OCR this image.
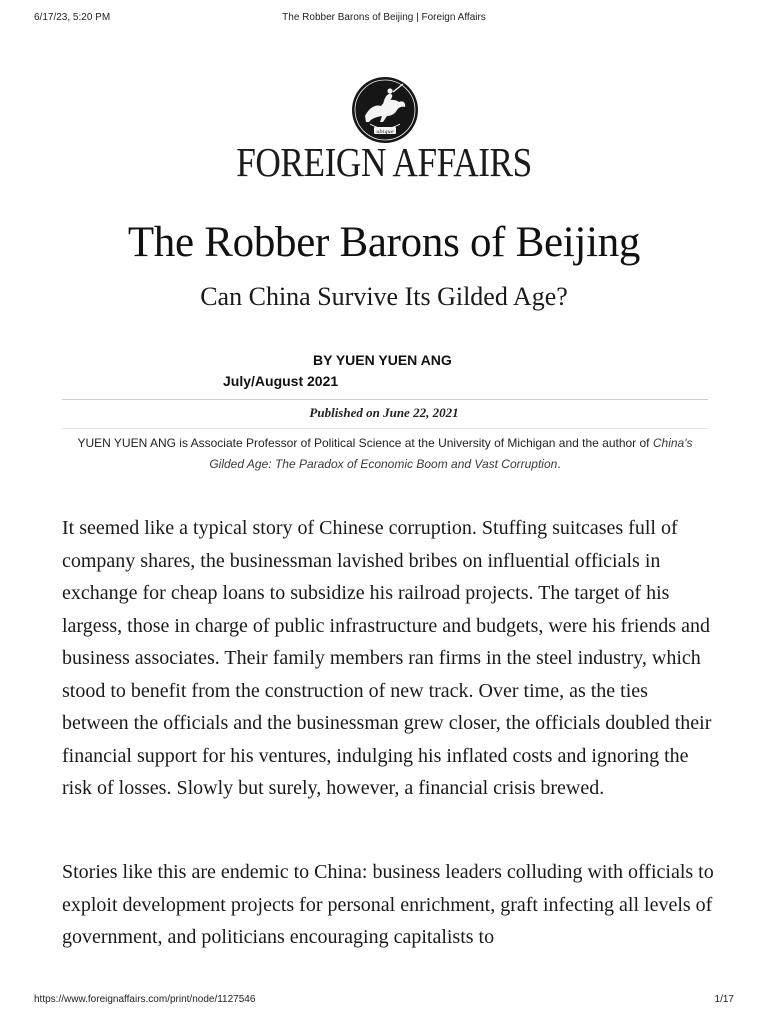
6/17/23, 5:20 PM	The Robber Barons of Beijing | Foreign Affairs
ubique
FOREIGN AFFAIRS
The Robber Barons of Beijing
Can China Survive Its Gilded Age?
BY YUEN YUEN ANG
July/August 2021
Published on June 22, 2021
YUEN YUEN ANG is Associate Professor of Political Science at the University of Michigan and the author of China's Gilded Age: The Paradox of Economic Boom and Vast Corruption.

It seemed like a typical story of Chinese corruption. Stuffing suitcases full of company shares, the businessman lavished bribes on influential officials in exchange for cheap loans to subsidize his railroad projects. The target of his largess, those in charge of public infrastructure and budgets, were his friends and business associates. Their family members ran firms in the steel industry, which stood to benefit from the construction of new track. Over time, as the ties between the officials and the businessman grew closer, the officials doubled their financial support for his ventures, indulging his inflated costs and ignoring the risk of losses. Slowly but surely, however, a financial crisis brewed.

Stories like this are endemic to China: business leaders colluding with officials to exploit development projects for personal enrichment, graft infecting all levels of government, and politicians encouraging capitalists to

https://www.foreignaffairs.com/print/node/1127546	1/17
